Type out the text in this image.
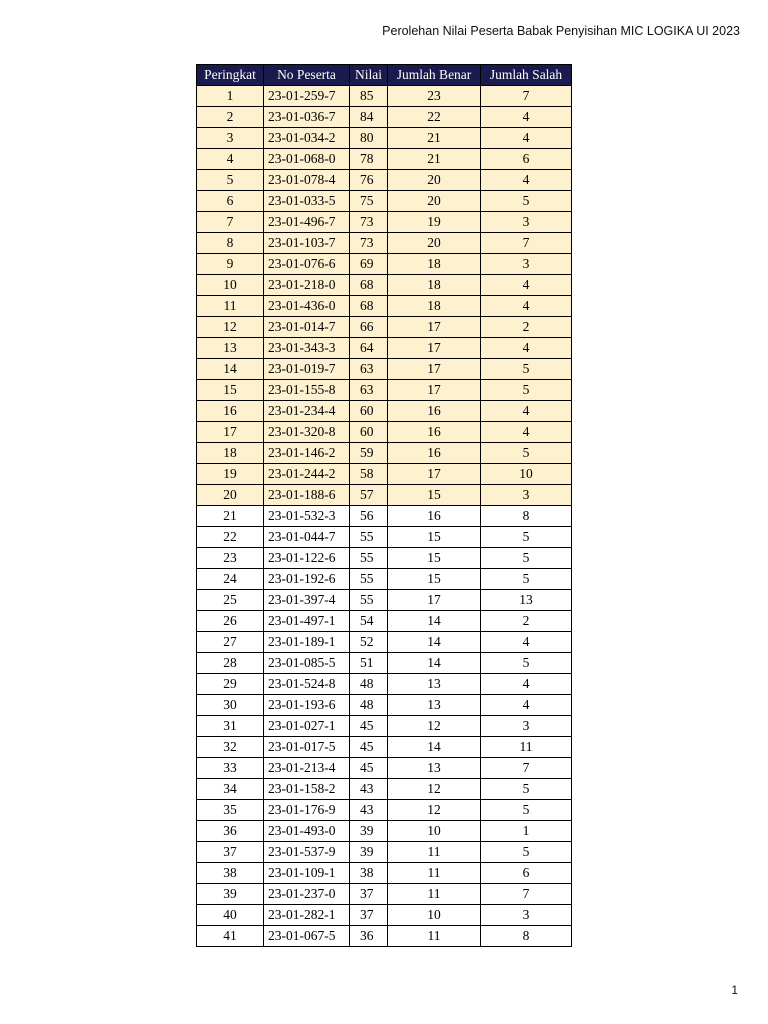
Perolehan Nilai Peserta Babak Penyisihan MIC LOGIKA UI 2023
Peringkat	No Peserta	Nilai	Jumlah Benar	Jumlah Salah
1	23-01-259-7	85	23	7
2	23-01-036-7	84	22	4
3	23-01-034-2	80	21	4
4	23-01-068-0	78	21	6
5	23-01-078-4	76	20	4
6	23-01-033-5	75	20	5
7	23-01-496-7	73	19	3
8	23-01-103-7	73	20	7
9	23-01-076-6	69	18	3
10	23-01-218-0	68	18	4
11	23-01-436-0	68	18	4
12	23-01-014-7	66	17	2
13	23-01-343-3	64	17	4
14	23-01-019-7	63	17	5
15	23-01-155-8	63	17	5
16	23-01-234-4	60	16	4
17	23-01-320-8	60	16	4
18	23-01-146-2	59	16	5
19	23-01-244-2	58	17	10
20	23-01-188-6	57	15	3
21	23-01-532-3	56	16	8
22	23-01-044-7	55	15	5
23	23-01-122-6	55	15	5
24	23-01-192-6	55	15	5
25	23-01-397-4	55	17	13
26	23-01-497-1	54	14	2
27	23-01-189-1	52	14	4
28	23-01-085-5	51	14	5
29	23-01-524-8	48	13	4
30	23-01-193-6	48	13	4
31	23-01-027-1	45	12	3
32	23-01-017-5	45	14	11
33	23-01-213-4	45	13	7
34	23-01-158-2	43	12	5
35	23-01-176-9	43	12	5
36	23-01-493-0	39	10	1
37	23-01-537-9	39	11	5
38	23-01-109-1	38	11	6
39	23-01-237-0	37	11	7
40	23-01-282-1	37	10	3
41	23-01-067-5	36	11	8
1
